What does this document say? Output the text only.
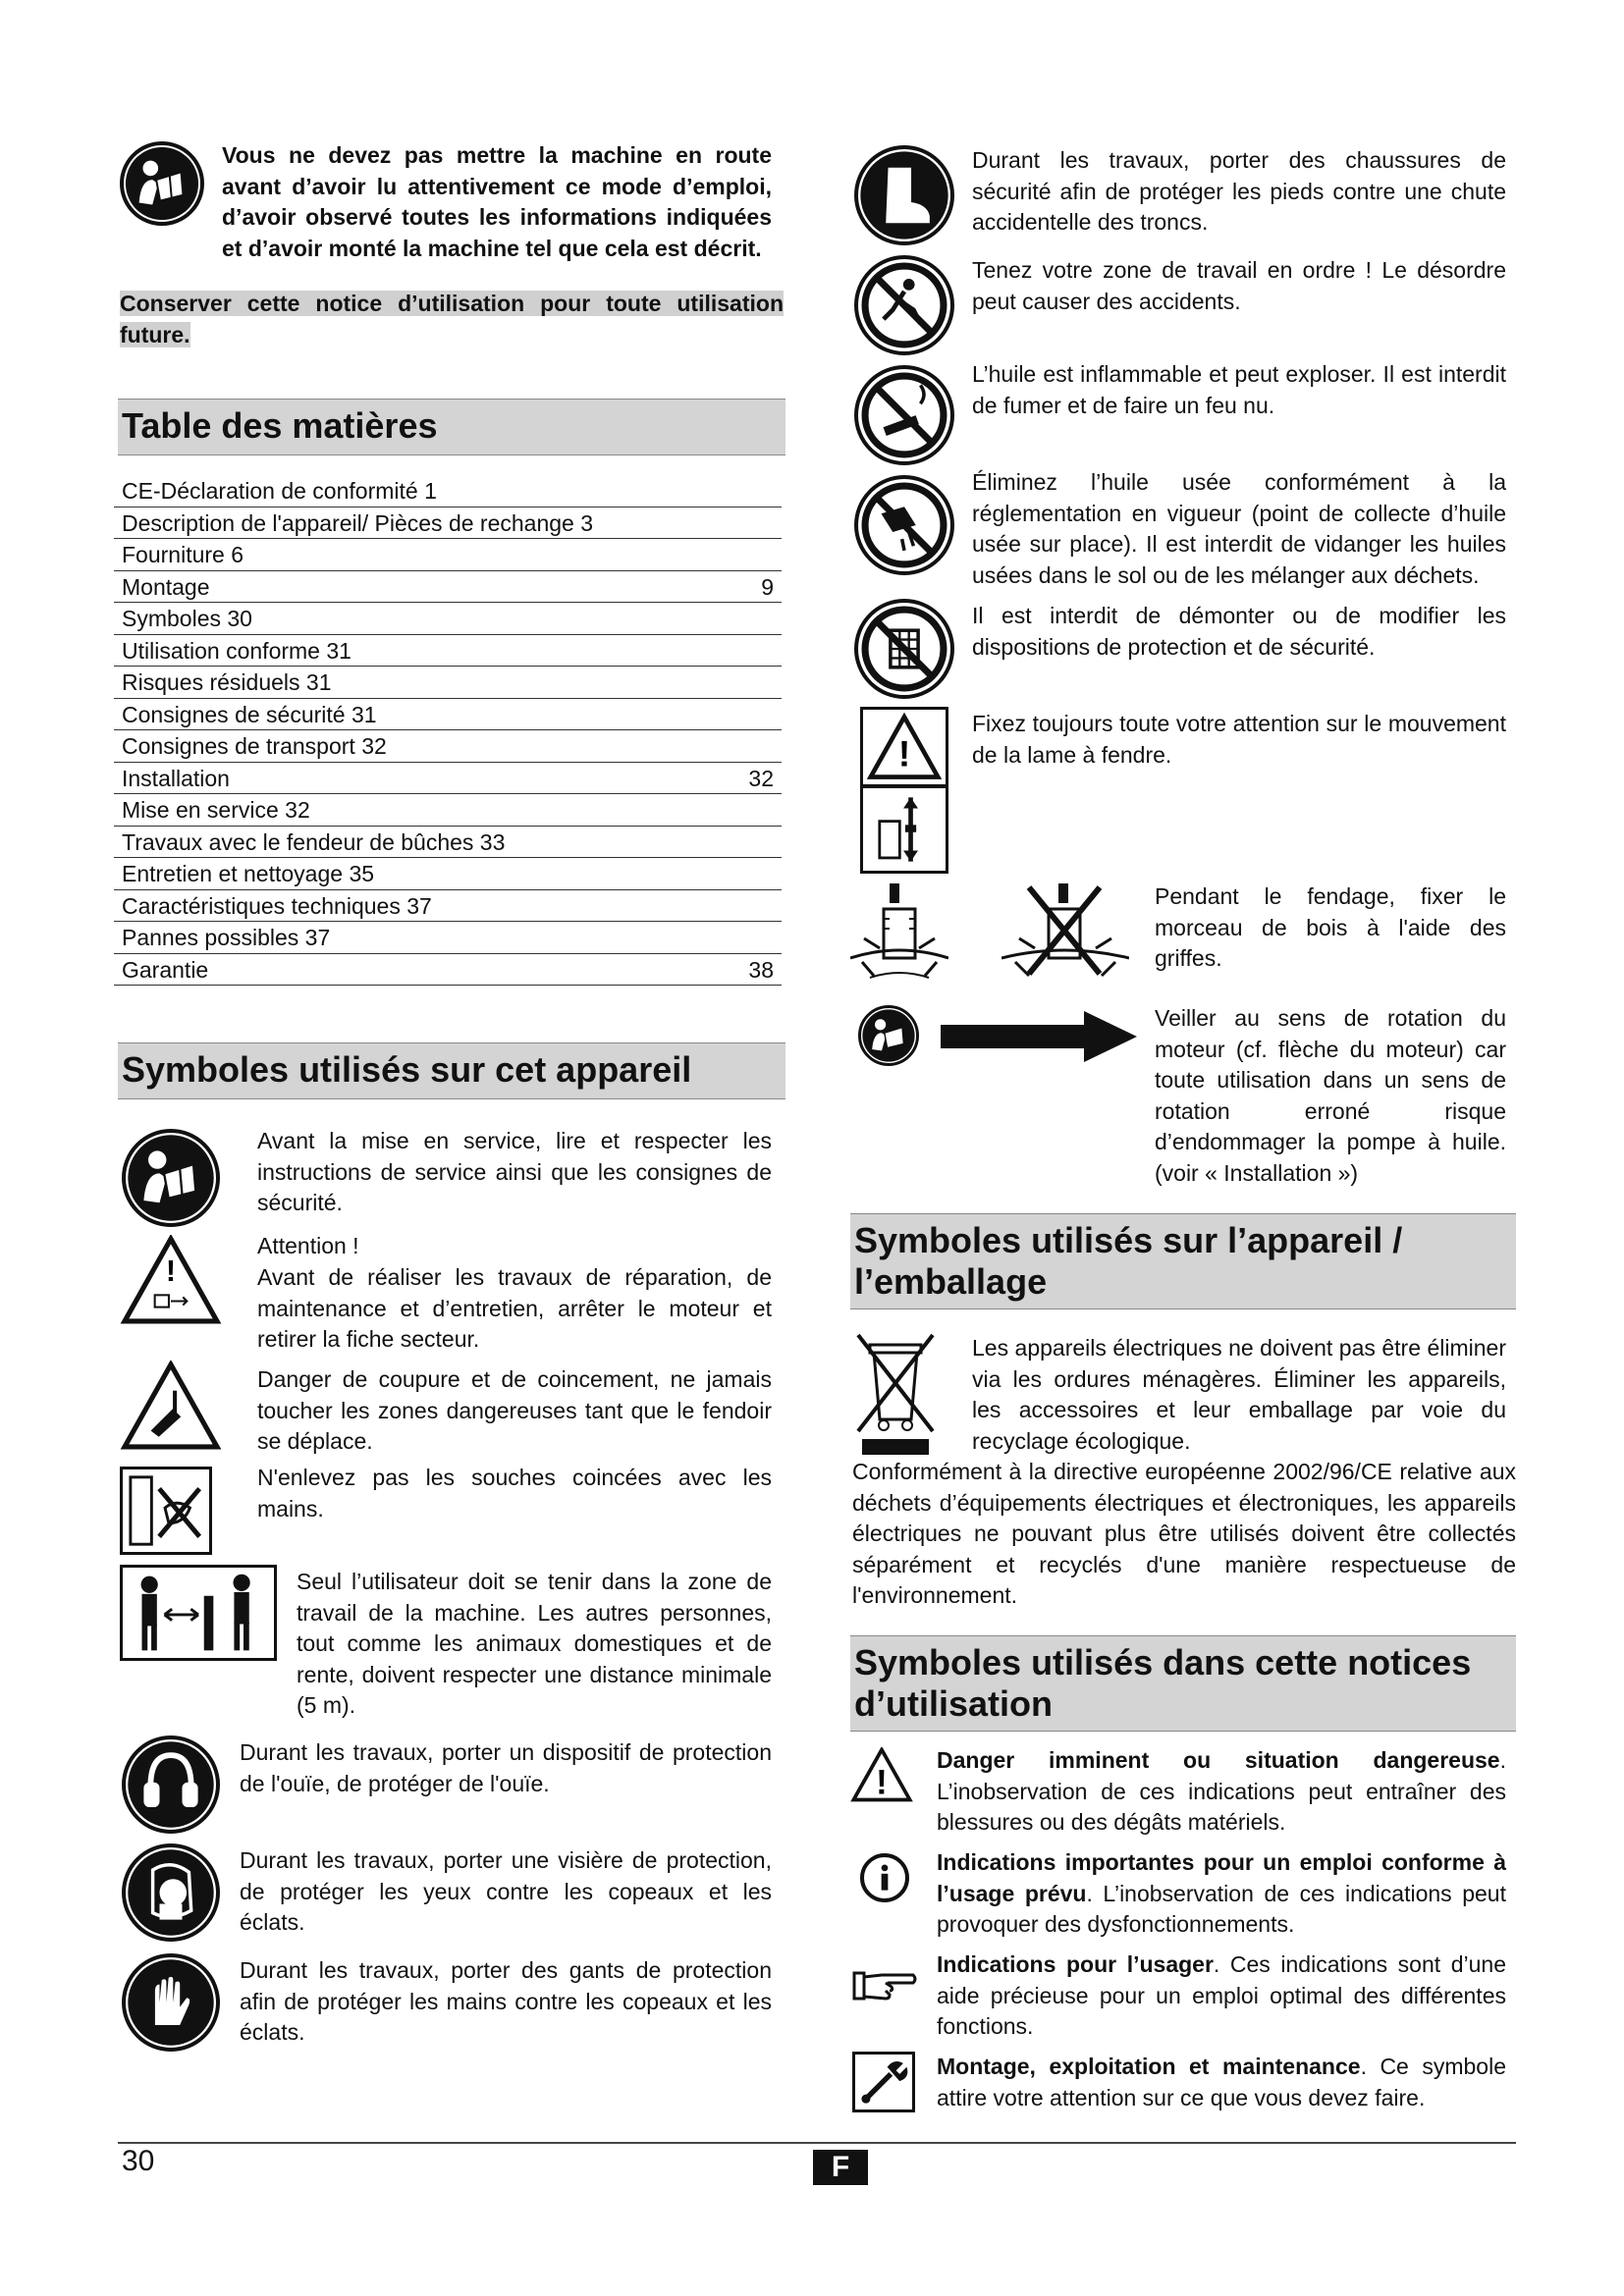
Vous ne devez pas mettre la machine en route avant d’avoir lu attentivement ce mode d’emploi, d’avoir observé toutes les informations indiquées et d’avoir monté la machine tel que cela est décrit.

Conserver cette notice d’utilisation pour toute utilisation future.

Table des matières
CE-Déclaration de conformité 1
Description de l'appareil/ Pièces de rechange 3
Fourniture 6
Montage	9
Symboles 30
Utilisation conforme 31
Risques résiduels 31
Consignes de sécurité 31
Consignes de transport 32
Installation	32
Mise en service 32
Travaux avec le fendeur de bûches 33
Entretien et nettoyage 35
Caractéristiques techniques 37
Pannes possibles 37
Garantie	38
Symboles utilisés sur cet appareil

Avant la mise en service, lire et respecter les instructions de service ainsi que les consignes de sécurité.

!

Attention !

Avant de réaliser les travaux de réparation, de maintenance et d’entretien, arrêter le moteur et retirer la fiche secteur.

Danger de coupure et de coincement, ne jamais toucher les zones dangereuses tant que le fendoir se déplace.

N'enlevez pas les souches coincées avec les mains.

Seul l’utilisateur doit se tenir dans la zone de travail de la machine. Les autres personnes, tout comme les animaux domestiques et de rente, doivent respecter une distance minimale (5 m).

Durant les travaux, porter un dispositif de protection de l'ouïe, de protéger de l'ouïe.

Durant les travaux, porter une visière de protection, de protéger les yeux contre les copeaux et les éclats.

Durant les travaux, porter des gants de protection afin de protéger les mains contre les copeaux et les éclats.

Durant les travaux, porter des chaussures de sécurité afin de protéger les pieds contre une chute accidentelle des troncs.

Tenez votre zone de travail en ordre ! Le désordre peut causer des accidents.

L’huile est inflammable et peut exploser. Il est interdit de fumer et de faire un feu nu.

Éliminez l’huile usée conformément à la réglementation en vigueur (point de collecte d’huile usée sur place). Il est interdit de vidanger les huiles usées dans le sol ou de les mélanger aux déchets.

Il est interdit de démonter ou de modifier les dispositions de protection et de sécurité.

!

Fixez toujours toute votre attention sur le mouvement de la lame à fendre.

Pendant le fendage, fixer le morceau de bois à l'aide des griffes.

Veiller au sens de rotation du moteur (cf. flèche du moteur) car toute utilisation dans un sens de rotation erroné risque d’endommager la pompe à huile. (voir « Installation »)

Symboles utilisés sur l’appareil / l’emballage

Les appareils électriques ne doivent pas être éliminer via les ordures ménagères. Éliminer les appareils, les accessoires et leur emballage par voie du recyclage écologique.

Conformément à la directive européenne 2002/96/CE relative aux déchets d’équipements électriques et électroniques, les appareils électriques ne pouvant plus être utilisés doivent être collectés séparément et recyclés d'une manière respectueuse de l'environnement.

Symboles utilisés dans cette notices d’utilisation
!

Danger imminent ou situation dangereuse. L’inobservation de ces indications peut entraîner des blessures ou des dégâts matériels.

Indications importantes pour un emploi conforme à l’usage prévu. L’inobservation de ces indications peut provoquer des dysfonctionnements.

Indications pour l’usager. Ces indications sont d’une aide précieuse pour un emploi optimal des différentes fonctions.

Montage, exploitation et maintenance. Ce symbole attire votre attention sur ce que vous devez faire.

30	F
